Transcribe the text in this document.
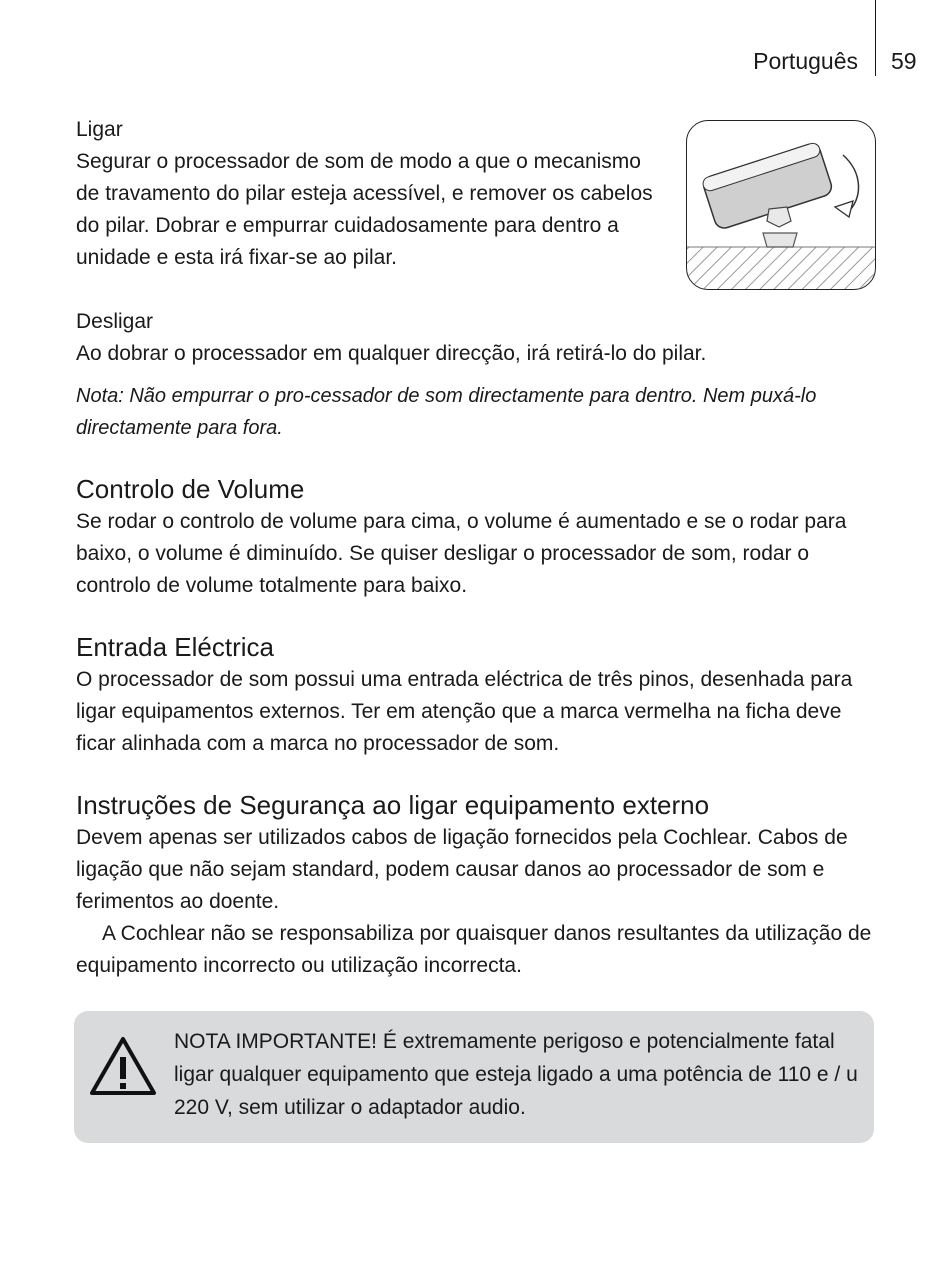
Português 59

Ligar

Segurar o processador de som de modo a que o mecanismo de travamento do pilar esteja acessível, e remover os cabelos do pilar. Dobrar e empurrar cuidadosamente para dentro a unidade e esta irá fixar-se ao pilar.

Desligar

Ao dobrar o processador em qualquer direcção, irá retirá-lo do pilar.

Nota: Não empurrar o pro-cessador de som directamente para dentro. Nem puxá-lo directamente para fora.

Controlo de Volume

Se rodar o controlo de volume para cima, o volume é aumentado e se o rodar para baixo, o volume é diminuído. Se quiser desligar o processador de som, rodar o controlo de volume totalmente para baixo.

Entrada Eléctrica

O processador de som possui uma entrada eléctrica de três pinos, desenhada para ligar equipamentos externos. Ter em atenção que a marca vermelha na ficha deve ficar alinhada com a marca no processador de som.

Instruções de Segurança ao ligar equipamento externo

Devem apenas ser utilizados cabos de ligação fornecidos pela Cochlear. Cabos de ligação que não sejam standard, podem causar danos ao processador de som e ferimentos ao doente.

A Cochlear não se responsabiliza por quaisquer danos resultantes da utilização de equipamento incorrecto ou utilização incorrecta.

NOTA IMPORTANTE! É extremamente perigoso e potencialmente fatal ligar qualquer equipamento que esteja ligado a uma potência de 110 e / u 220 V, sem utilizar o adaptador audio.
